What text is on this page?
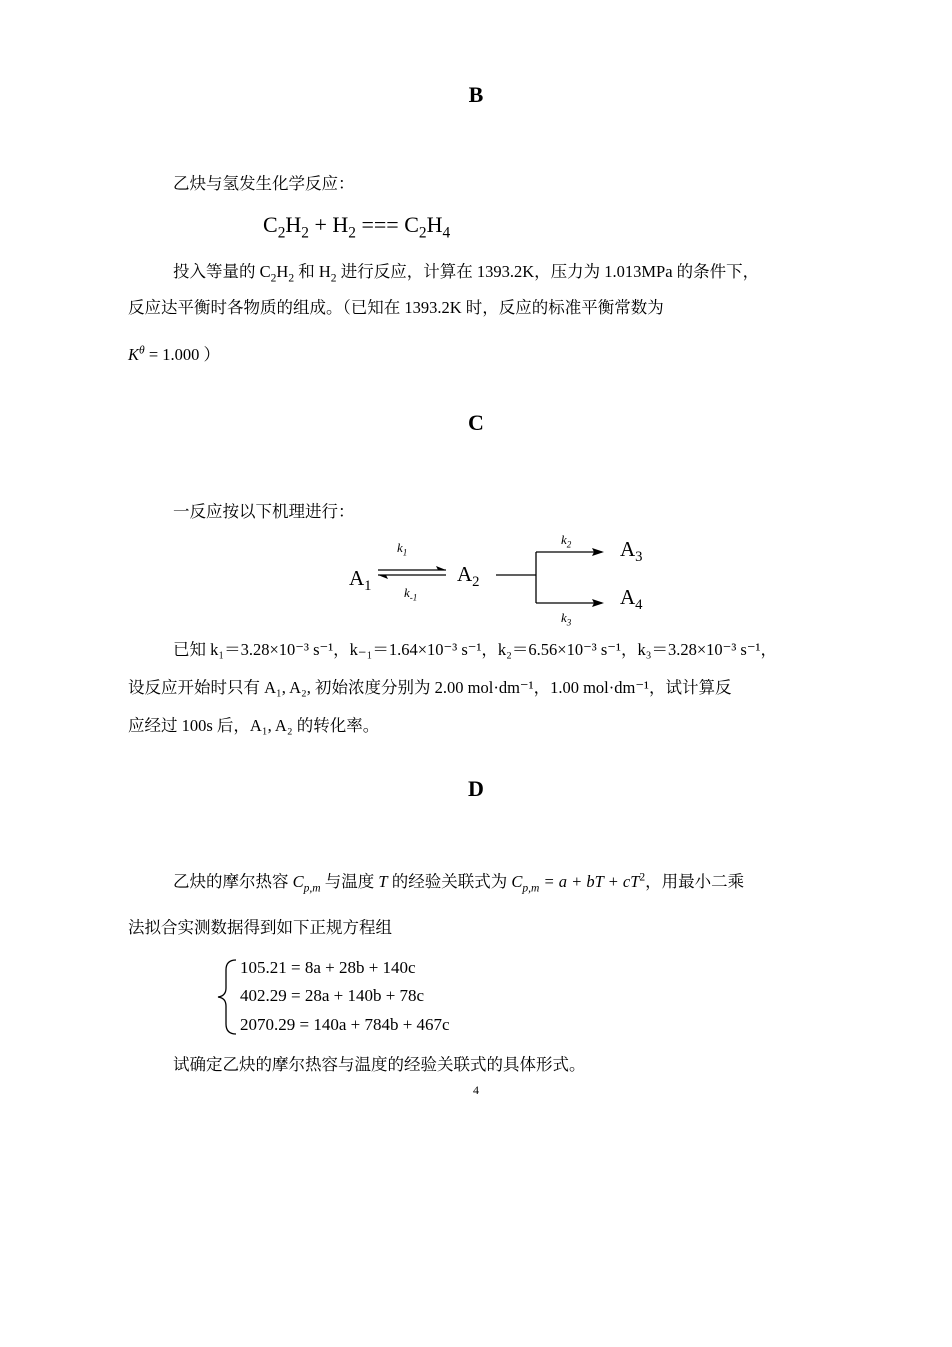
B
乙炔与氢发生化学反应：
$C_2H_2 + H_2$ === $C_2H_4$
投入等量的 $C_2H_2$ 和 $H_2$ 进行反应，计算在 1393.2K，压力为 1.013MPa 的条件下，
反应达平衡时各物质的组成。（已知在 1393.2K 时，反应的标准平衡常数为
$K^\theta = 1.000$ ）
C
一反应按以下机理进行：
$A_1$
$A_2$
$A_3$
$A_4$
$k_1$
$k_{-1}$
$k_2$
$k_3$
已知 k₁＝3.28×10⁻³ s⁻¹，k₋₁＝1.64×10⁻³ s⁻¹，k₂＝6.56×10⁻³ s⁻¹，k₃＝3.28×10⁻³ s⁻¹，
设反应开始时只有 A₁, A₂, 初始浓度分别为 2.00 mol·dm⁻¹，1.00 mol·dm⁻¹，试计算反
应经过 100s 后，A₁, A₂ 的转化率。
D
乙炔的摩尔热容 $C_{p,m}$ 与温度 T 的经验关联式为 $C_{p,m} = a$ + bT + $cT^2$，用最小二乘
法拟合实测数据得到如下正规方程组
105.21 = 8a + 28b + 140c
402.29 = 28a + 140b + 78c
2070.29 = 140a + 784b + 467c
试确定乙炔的摩尔热容与温度的经验关联式的具体形式。
4
